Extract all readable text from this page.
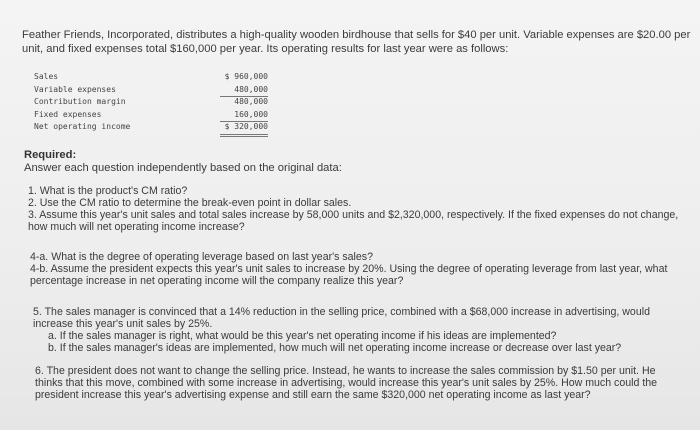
Feather Friends, Incorporated, distributes a high-quality wooden birdhouse that sells for $40 per unit. Variable expenses are $20.00 per unit, and fixed expenses total $160,000 per year. Its operating results for last year were as follows:
Sales	$ 960,000
Variable expenses	480,000
Contribution margin	480,000
Fixed expenses	160,000
Net operating income	$ 320,000
Required:
Answer each question independently based on the original data:
1. What is the product's CM ratio?
2. Use the CM ratio to determine the break-even point in dollar sales.
3. Assume this year's unit sales and total sales increase by 58,000 units and $2,320,000, respectively. If the fixed expenses do not change, how much will net operating income increase?
4-a. What is the degree of operating leverage based on last year's sales?
4-b. Assume the president expects this year's unit sales to increase by 20%. Using the degree of operating leverage from last year, what percentage increase in net operating income will the company realize this year?
5. The sales manager is convinced that a 14% reduction in the selling price, combined with a $68,000 increase in advertising, would increase this year's unit sales by 25%.
a. If the sales manager is right, what would be this year's net operating income if his ideas are implemented?
b. If the sales manager's ideas are implemented, how much will net operating income increase or decrease over last year?
6. The president does not want to change the selling price. Instead, he wants to increase the sales commission by $1.50 per unit. He thinks that this move, combined with some increase in advertising, would increase this year's unit sales by 25%. How much could the president increase this year's advertising expense and still earn the same $320,000 net operating income as last year?
